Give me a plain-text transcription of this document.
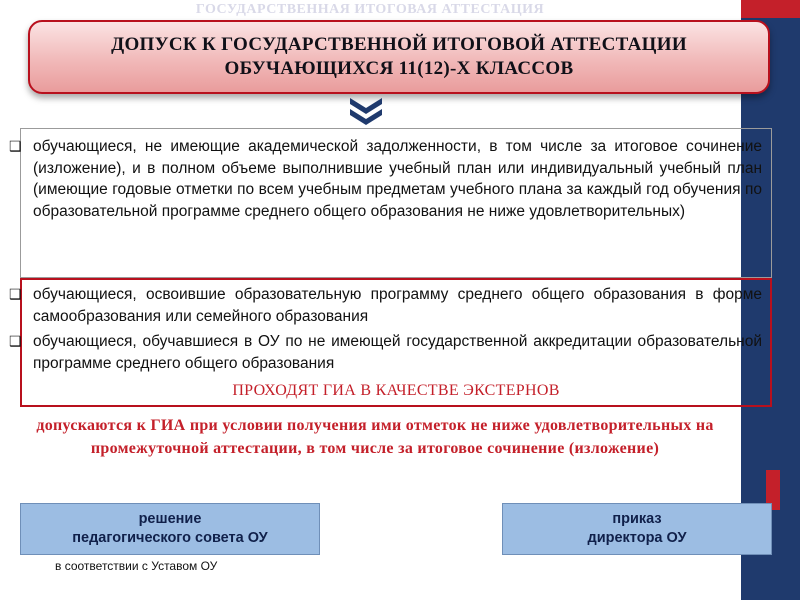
ГОСУДАРСТВЕННАЯ ИТОГОВАЯ АТТЕСТАЦИЯ
ДОПУСК К ГОСУДАРСТВЕННОЙ ИТОГОВОЙ АТТЕСТАЦИИ
ОБУЧАЮЩИХСЯ 11(12)-Х КЛАССОВ
❑ обучающиеся, не имеющие академической задолженности, в том числе за итоговое сочинение (изложение), и в полном объеме выполнившие учебный план или индивидуальный учебный план (имеющие годовые отметки по всем учебным предметам учебного плана за каждый год обучения по образовательной программе среднего общего образования не ниже удовлетворительных)
❑ обучающиеся, освоившие образовательную программу среднего общего образования в форме самообразования или семейного образования
❑ обучающиеся, обучавшиеся в ОУ по не имеющей государственной аккредитации образовательной программе среднего общего образования
ПРОХОДЯТ ГИА В КАЧЕСТВЕ ЭКСТЕРНОВ
допускаются к ГИА при условии получения ими отметок не ниже удовлетворительных на промежуточной аттестации, в том числе за итоговое сочинение (изложение)
решение
педагогического совета ОУ
приказ
директора ОУ
в соответствии с Уставом ОУ
